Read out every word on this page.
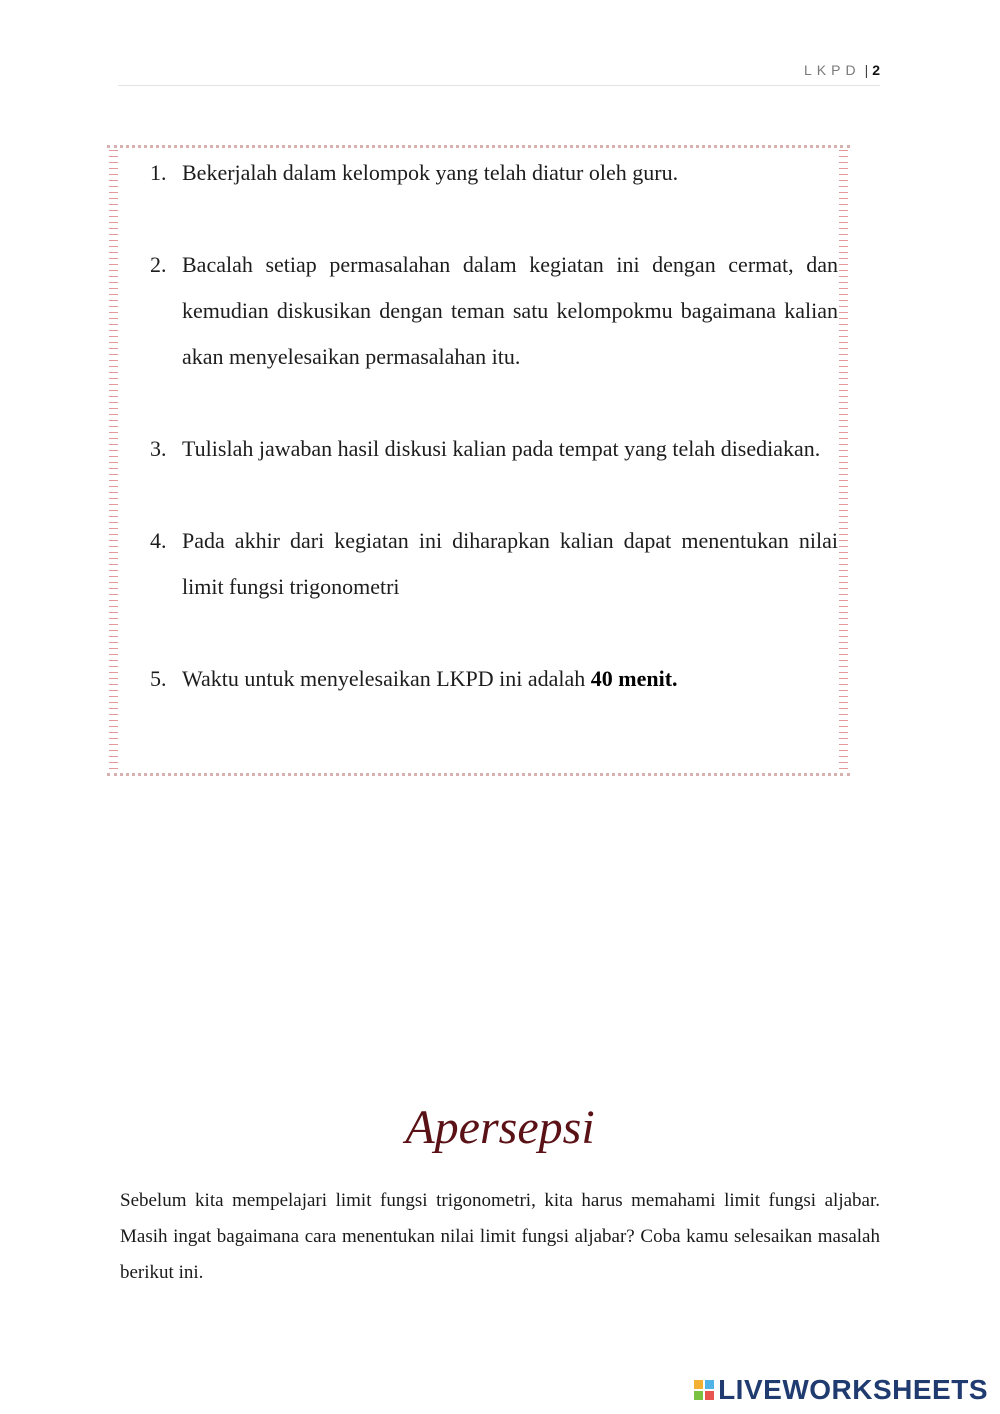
LKPD | 2
1. Bekerjalah dalam kelompok yang telah diatur oleh guru.
2. Bacalah setiap permasalahan dalam kegiatan ini dengan cermat, dan kemudian diskusikan dengan teman satu kelompokmu bagaimana kalian akan menyelesaikan permasalahan itu.
3. Tulislah jawaban hasil diskusi kalian pada tempat yang telah disediakan.
4. Pada akhir dari kegiatan ini diharapkan kalian dapat menentukan nilai limit fungsi trigonometri
5. Waktu untuk menyelesaikan LKPD ini adalah 40 menit.
Apersepsi

Sebelum kita mempelajari limit fungsi trigonometri, kita harus memahami limit fungsi aljabar. Masih ingat bagaimana cara menentukan nilai limit fungsi aljabar? Coba kamu selesaikan masalah berikut ini.

LIVEWORKSHEETS
